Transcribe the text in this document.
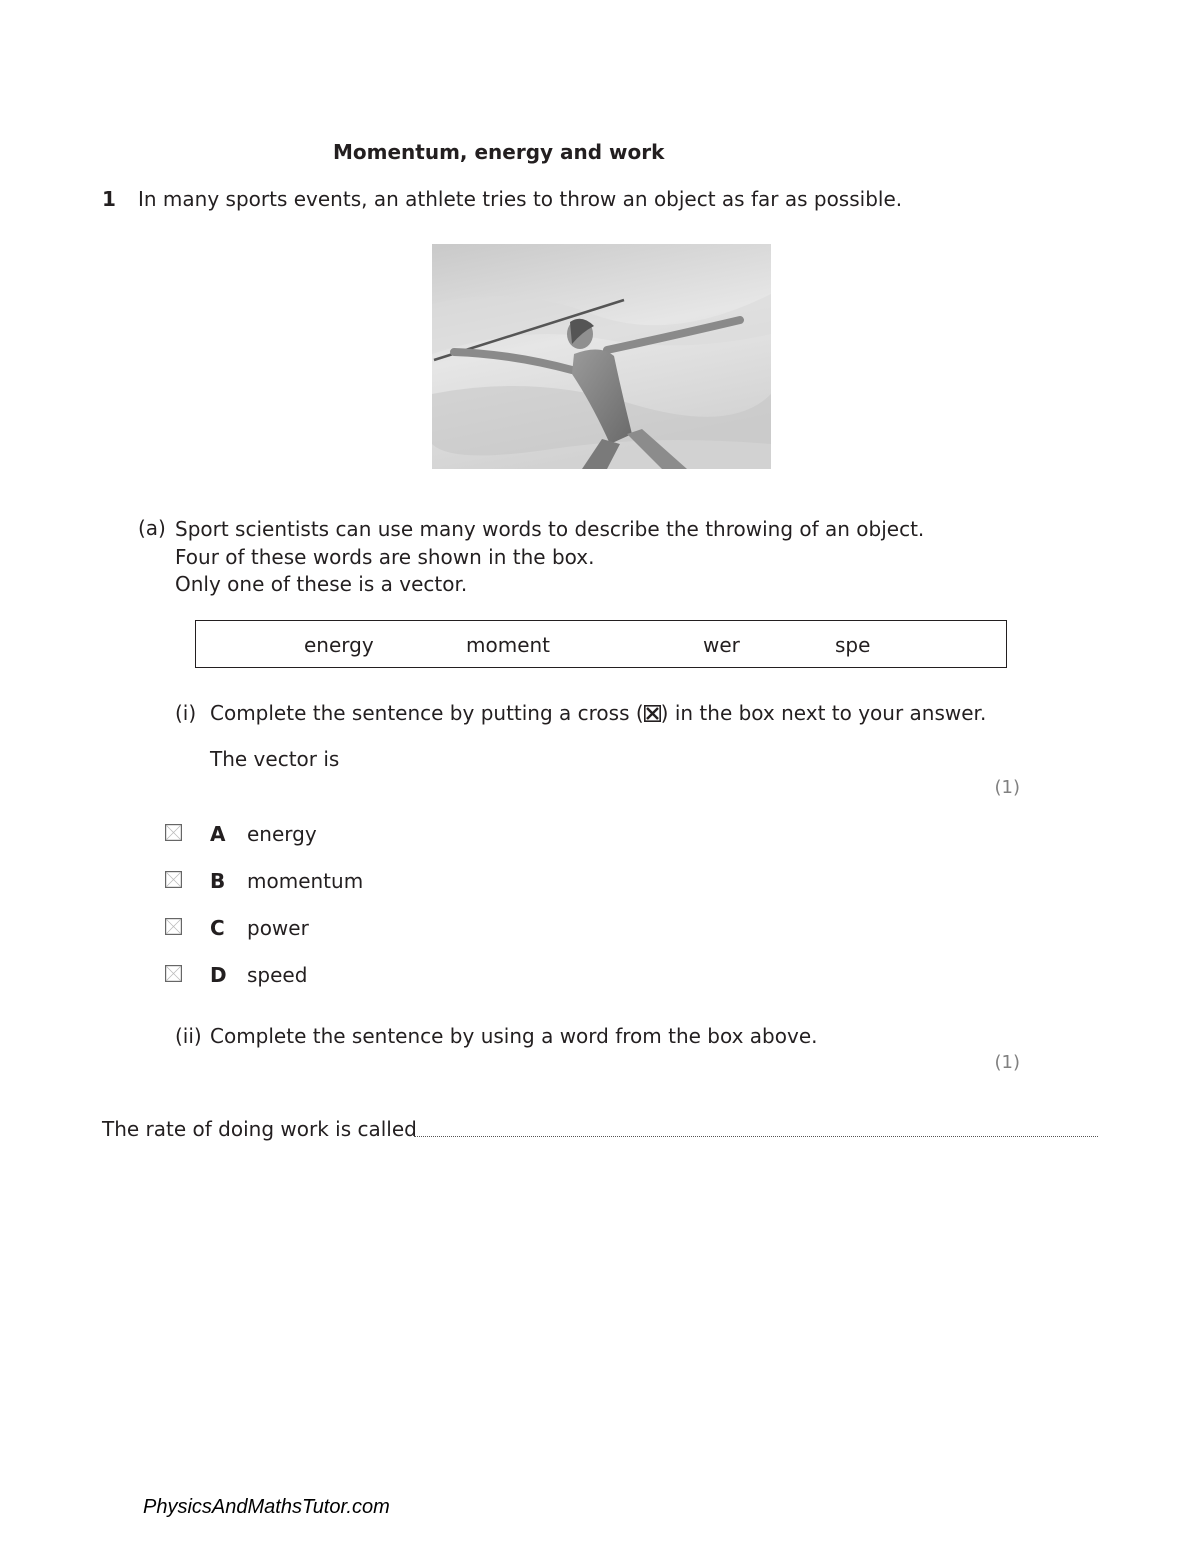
Momentum, energy and work
1 In many sports events, an athlete tries to throw an object as far as possible.
(a) Sport scientists can use many words to describe the throwing of an object.
Four of these words are shown in the box.
Only one of these is a vector.
energy	moment	wer	spe
(i) Complete the sentence by putting a cross (☒) in the box next to your answer.
The vector is
(1)
A energy
B momentum
C power
D speed
(ii) Complete the sentence by using a word from the box above.
(1)
The rate of doing work is called
PhysicsAndMathsTutor.com
